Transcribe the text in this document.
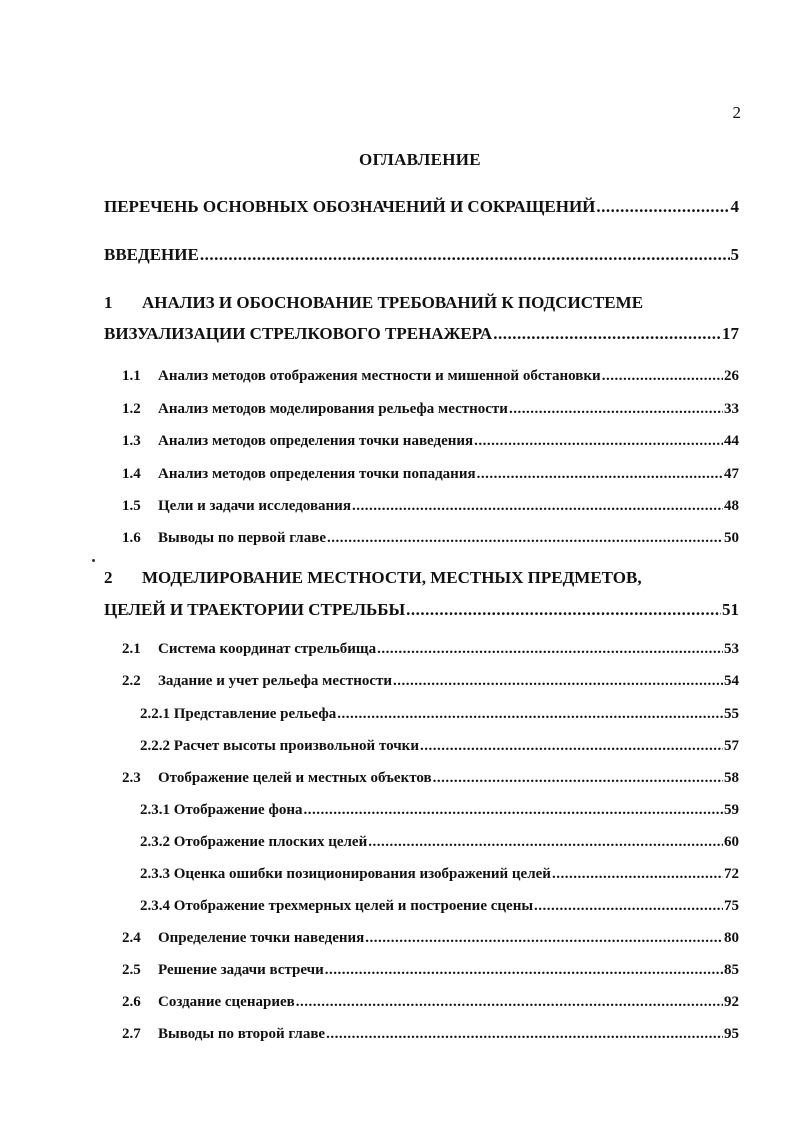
2
ОГЛАВЛЕНИЕ
ПЕРЕЧЕНЬ ОСНОВНЫХ ОБОЗНАЧЕНИЙ И СОКРАЩЕНИЙ .....	4
ВВЕДЕНИЕ .....	5
1 АНАЛИЗ И ОБОСНОВАНИЕ ТРЕБОВАНИЙ К ПОДСИСТЕМЕ
ВИЗУАЛИЗАЦИИ СТРЕЛКОВОГО ТРЕНАЖЕРА .....	17
1.1 Анализ методов отображения местности и мишенной обстановки .....	26
1.2 Анализ методов моделирования рельефа местности .....	33
1.3 Анализ методов определения точки наведения .....	44
1.4 Анализ методов определения точки попадания .....	47
1.5 Цели и задачи исследования .....	48
1.6 Выводы по первой главе .....	50
2 МОДЕЛИРОВАНИЕ МЕСТНОСТИ, МЕСТНЫХ ПРЕДМЕТОВ,
ЦЕЛЕЙ И ТРАЕКТОРИИ СТРЕЛЬБЫ .....	51
2.1 Система координат стрельбища .....	53
2.2 Задание и учет рельефа местности .....	54
2.2.1 Представление рельефа .....	55
2.2.2 Расчет высоты произвольной точки .....	57
2.3 Отображение целей и местных объектов .....	58
2.3.1 Отображение фона .....	59
2.3.2 Отображение плоских целей .....	60
2.3.3 Оценка ошибки позиционирования изображений целей .....	72
2.3.4 Отображение трехмерных целей и построение сцены .....	75
2.4 Определение точки наведения .....	80
2.5 Решение задачи встречи .....	85
2.6 Создание сценариев .....	92
2.7 Выводы по второй главе .....	95
